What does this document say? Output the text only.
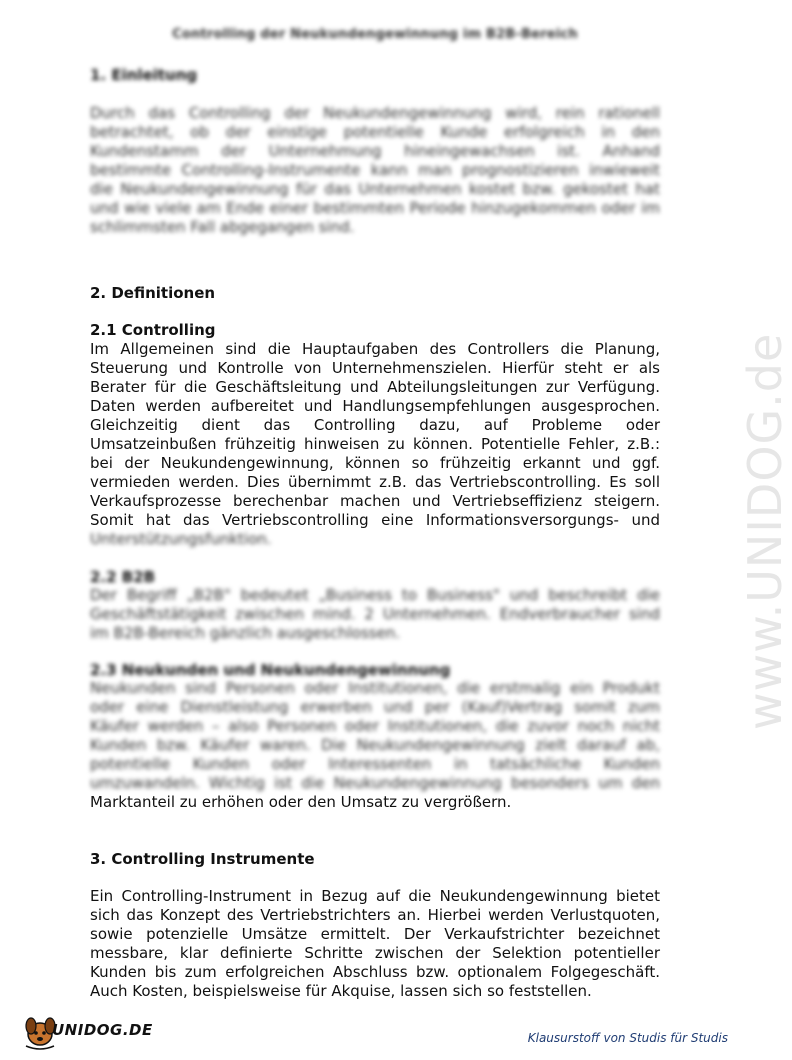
Controlling der Neukundengewinnung im B2B-Bereich
1. Einleitung
Durch das Controlling der Neukundengewinnung wird, rein rationell
betrachtet, ob der einstige potentielle Kunde erfolgreich in den
Kundenstamm der Unternehmung hineingewachsen ist. Anhand
bestimmte Controlling-Instrumente kann man prognostizieren inwieweit
die Neukundengewinnung für das Unternehmen kostet bzw. gekostet hat
und wie viele am Ende einer bestimmten Periode hinzugekommen oder im
schlimmsten Fall abgegangen sind.
2. Definitionen
2.1 Controlling
Im Allgemeinen sind die Hauptaufgaben des Controllers die Planung,
Steuerung und Kontrolle von Unternehmenszielen. Hierfür steht er als
Berater für die Geschäftsleitung und Abteilungsleitungen zur Verfügung.
Daten werden aufbereitet und Handlungsempfehlungen ausgesprochen.
Gleichzeitig dient das Controlling dazu, auf Probleme oder
Umsatzeinbußen frühzeitig hinweisen zu können. Potentielle Fehler, z.B.:
bei der Neukundengewinnung, können so frühzeitig erkannt und ggf.
vermieden werden. Dies übernimmt z.B. das Vertriebscontrolling. Es soll
Verkaufsprozesse berechenbar machen und Vertriebseffizienz steigern.
Somit hat das Vertriebscontrolling eine Informationsversorgungs- und
Unterstützungsfunktion.
2.2 B2B
Der Begriff „B2B" bedeutet „Business to Business" und beschreibt die
Geschäftstätigkeit zwischen mind. 2 Unternehmen. Endverbraucher sind
im B2B-Bereich gänzlich ausgeschlossen.
2.3 Neukunden und Neukundengewinnung
Neukunden sind Personen oder Institutionen, die erstmalig ein Produkt
oder eine Dienstleistung erwerben und per (Kauf)Vertrag somit zum
Käufer werden – also Personen oder Institutionen, die zuvor noch nicht
Kunden bzw. Käufer waren. Die Neukundengewinnung zielt darauf ab,
potentielle Kunden oder Interessenten in tatsächliche Kunden
umzuwandeln. Wichtig ist die Neukundengewinnung besonders um den
Marktanteil zu erhöhen oder den Umsatz zu vergrößern.
3. Controlling Instrumente
Ein Controlling-Instrument in Bezug auf die Neukundengewinnung bietet
sich das Konzept des Vertriebstrichters an. Hierbei werden Verlustquoten,
sowie potenzielle Umsätze ermittelt. Der Verkaufstrichter bezeichnet
messbare, klar definierte Schritte zwischen der Selektion potentieller
Kunden bis zum erfolgreichen Abschluss bzw. optionalem Folgegeschäft.
Auch Kosten, beispielsweise für Akquise, lassen sich so feststellen.
www.UNIDOG.de
UNIDOG.DE	Klausurstoff von Studis für Studis
